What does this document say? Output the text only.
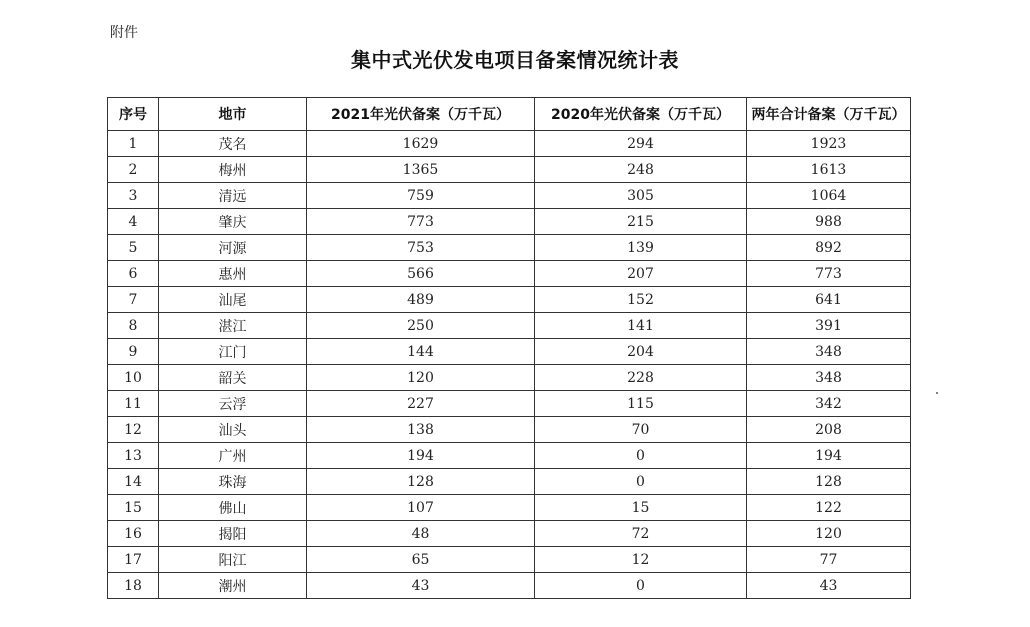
附件
集中式光伏发电项目备案情况统计表
序号	地市	2021年光伏备案（万千瓦）	2020年光伏备案（万千瓦）	两年合计备案（万千瓦）
1	茂名	1629	294	1923
2	梅州	1365	248	1613
3	清远	759	305	1064
4	肇庆	773	215	988
5	河源	753	139	892
6	惠州	566	207	773
7	汕尾	489	152	641
8	湛江	250	141	391
9	江门	144	204	348
10	韶关	120	228	348
11	云浮	227	115	342
12	汕头	138	70	208
13	广州	194	0	194
14	珠海	128	0	128
15	佛山	107	15	122
16	揭阳	48	72	120
17	阳江	65	12	77
18	潮州	43	0	43
